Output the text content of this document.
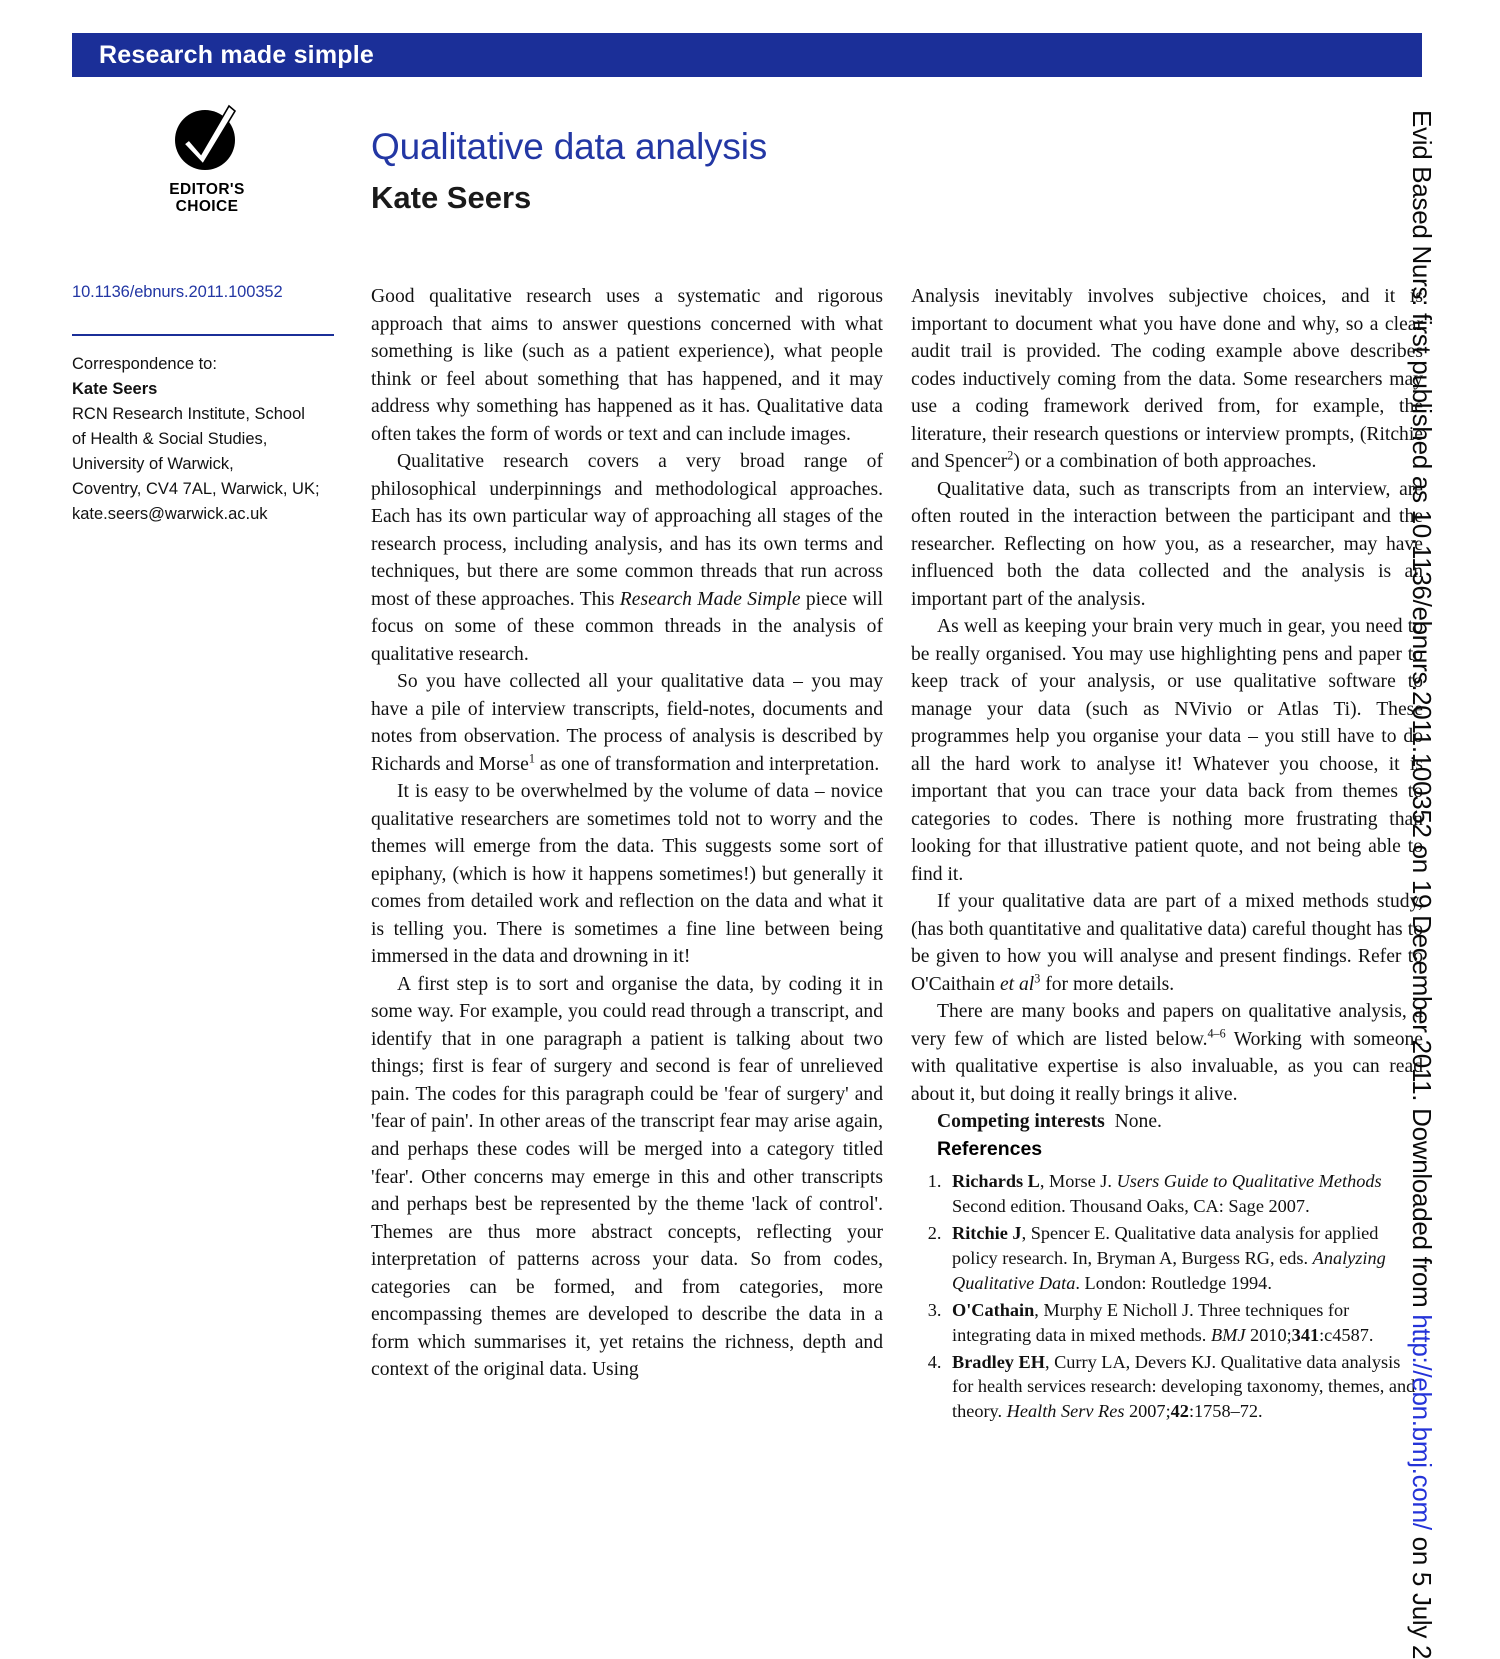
Research made simple
EDITOR'S
CHOICE
Qualitative data analysis
Kate Seers
10.1136/ebnurs.2011.100352
Correspondence to:
Kate Seers
RCN Research Institute, School
of Health & Social Studies,
University of Warwick,
Coventry, CV4 7AL, Warwick, UK;
kate.seers@warwick.ac.uk

Good qualitative research uses a systematic and rigorous approach that aims to answer questions concerned with what something is like (such as a patient experience), what people think or feel about something that has happened, and it may address why something has happened as it has. Qualitative data often takes the form of words or text and can include images.

Qualitative research covers a very broad range of philosophical underpinnings and methodological approaches. Each has its own particular way of approaching all stages of the research process, including analysis, and has its own terms and techniques, but there are some common threads that run across most of these approaches. This Research Made Simple piece will focus on some of these common threads in the analysis of qualitative research.

So you have collected all your qualitative data – you may have a pile of interview transcripts, field-notes, documents and notes from observation. The process of analysis is described by Richards and Morse$^1$ as one of transformation and interpretation.

It is easy to be overwhelmed by the volume of data – novice qualitative researchers are sometimes told not to worry and the themes will emerge from the data. This suggests some sort of epiphany, (which is how it happens sometimes!) but generally it comes from detailed work and reflection on the data and what it is telling you. There is sometimes a fine line between being immersed in the data and drowning in it!

A first step is to sort and organise the data, by coding it in some way. For example, you could read through a transcript, and identify that in one paragraph a patient is talking about two things; first is fear of surgery and second is fear of unrelieved pain. The codes for this paragraph could be 'fear of surgery' and 'fear of pain'. In other areas of the transcript fear may arise again, and perhaps these codes will be merged into a category titled 'fear'. Other concerns may emerge in this and other transcripts and perhaps best be represented by the theme 'lack of control'. Themes are thus more abstract concepts, reflecting your interpretation of patterns across your data. So from codes, categories can be formed, and from categories, more encompassing themes are developed to describe the data in a form which summarises it, yet retains the richness, depth and context of the original data. Using

Analysis inevitably involves subjective choices, and it is important to document what you have done and why, so a clear audit trail is provided. The coding example above describes codes inductively coming from the data. Some researchers may use a coding framework derived from, for example, the literature, their research questions or interview prompts, (Ritchie and Spencer$^2$) or a combination of both approaches.

Qualitative data, such as transcripts from an interview, are often routed in the interaction between the participant and the researcher. Reflecting on how you, as a researcher, may have influenced both the data collected and the analysis is an important part of the analysis.

As well as keeping your brain very much in gear, you need to be really organised. You may use highlighting pens and paper to keep track of your analysis, or use qualitative software to manage your data (such as NVivio or Atlas Ti). These programmes help you organise your data – you still have to do all the hard work to analyse it! Whatever you choose, it is important that you can trace your data back from themes to categories to codes. There is nothing more frustrating than looking for that illustrative patient quote, and not being able to find it.

If your qualitative data are part of a mixed methods study, (has both quantitative and qualitative data) careful thought has to be given to how you will analyse and present findings. Refer to O'Caithain et $al^3$ for more details.

There are many books and papers on qualitative analysis, a very few of which are listed below.$^{4-6}$ Working with someone with qualitative expertise is also invaluable, as you can read about it, but doing it really brings it alive.

Competing interests None.

References

1. Richards L, Morse J. Users Guide to Qualitative Methods Second edition. Thousand Oaks, CA: Sage 2007.
2. Ritchie J, Spencer E. Qualitative data analysis for applied policy research. In, Bryman A, Burgess RG, eds. Analyzing Qualitative Data. London: Routledge 1994.
3. O'Cathain, Murphy E Nicholl J. Three techniques for integrating data in mixed methods. BMJ 2010;341:c4587.
4. Bradley EH, Curry LA, Devers KJ. Qualitative data analysis for health services research: developing taxonomy, themes, and theory. Health Serv Res 2007;42:1758–72.
Evid Based Nurs: first published as 10.1136/ebnurs.2011.100352 on 19 December 2011. Downloaded from http://ebn.bmj.com/ on 5 July 2
